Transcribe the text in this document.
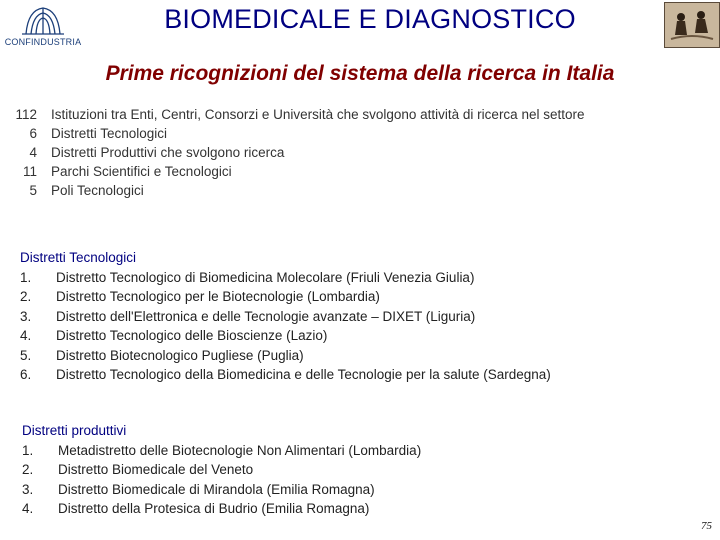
CONFINDUSTRIA
BIOMEDICALE E DIAGNOSTICO
Prime ricognizioni del sistema della ricerca in Italia
112 Istituzioni tra Enti, Centri, Consorzi e Università che svolgono attività di ricerca nel settore
6 Distretti Tecnologici
4 Distretti Produttivi che svolgono ricerca
11 Parchi Scientifici e Tecnologici
5 Poli Tecnologici
Distretti Tecnologici
1.	Distretto Tecnologico di Biomedicina Molecolare (Friuli Venezia Giulia)
2.	Distretto Tecnologico per le Biotecnologie (Lombardia)
3.	Distretto dell'Elettronica e delle Tecnologie avanzate – DIXET (Liguria)
4.	Distretto Tecnologico delle Bioscienze (Lazio)
5.	Distretto Biotecnologico Pugliese (Puglia)
6.	Distretto Tecnologico della Biomedicina e delle Tecnologie per la salute (Sardegna)
Distretti produttivi
1.	Metadistretto delle Biotecnologie Non Alimentari (Lombardia)
2.	Distretto Biomedicale del Veneto
3.	Distretto Biomedicale di Mirandola (Emilia Romagna)
4.	Distretto della Protesica di Budrio (Emilia Romagna)
75
